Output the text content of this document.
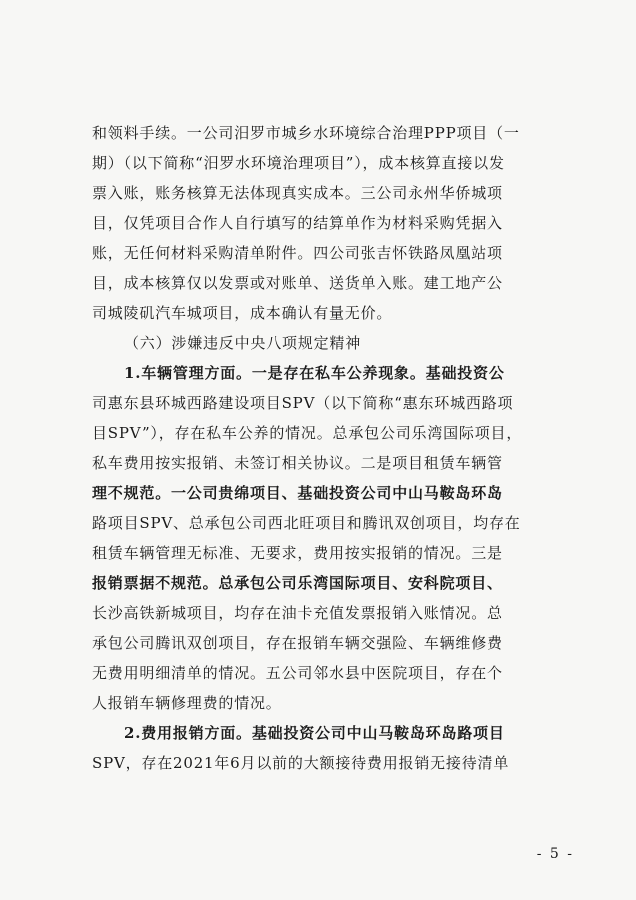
和领料手续。一公司汨罗市城乡水环境综合治理PPP项目（一
期）（以下简称“汨罗水环境治理项目”），成本核算直接以发
票入账，账务核算无法体现真实成本。三公司永州华侨城项
目，仅凭项目合作人自行填写的结算单作为材料采购凭据入
账，无任何材料采购清单附件。四公司张吉怀铁路凤凰站项
目，成本核算仅以发票或对账单、送货单入账。建工地产公
司城陵矶汽车城项目，成本确认有量无价。
（六）涉嫌违反中央八项规定精神
1.车辆管理方面。一是存在私车公养现象。基础投资公
司惠东县环城西路建设项目SPV（以下简称“惠东环城西路项
目SPV”），存在私车公养的情况。总承包公司乐湾国际项目，
私车费用按实报销、未签订相关协议。二是项目租赁车辆管
理不规范。一公司贵绵项目、基础投资公司中山马鞍岛环岛
路项目SPV、总承包公司西北旺项目和腾讯双创项目，均存在
租赁车辆管理无标准、无要求，费用按实报销的情况。三是
报销票据不规范。总承包公司乐湾国际项目、安科院项目、
长沙高铁新城项目，均存在油卡充值发票报销入账情况。总
承包公司腾讯双创项目，存在报销车辆交强险、车辆维修费
无费用明细清单的情况。五公司邻水县中医院项目，存在个
人报销车辆修理费的情况。
2.费用报销方面。基础投资公司中山马鞍岛环岛路项目
SPV，存在2021年6月以前的大额接待费用报销无接待清单
- 5 -
